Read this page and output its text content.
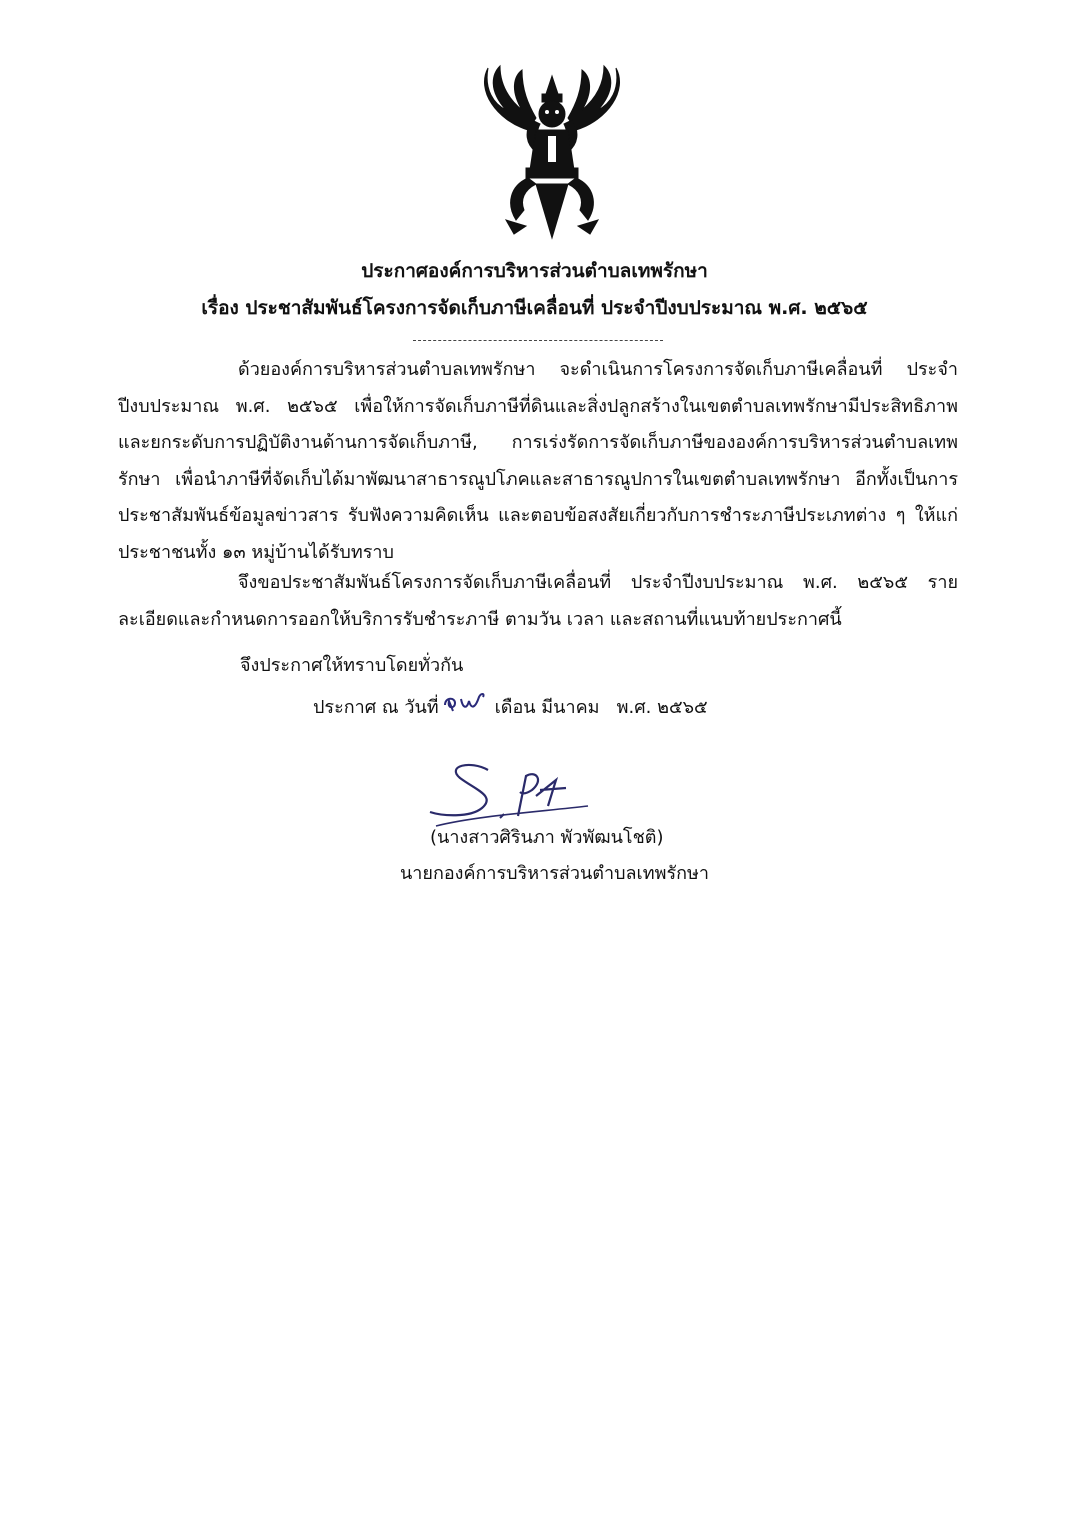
ประกาศองค์การบริหารส่วนตำบลเทพรักษา
เรื่อง ประชาสัมพันธ์โครงการจัดเก็บภาษีเคลื่อนที่ ประจำปีงบประมาณ พ.ศ. ๒๕๖๕
ด้วยองค์การบริหารส่วนตำบลเทพรักษา จะดำเนินการโครงการจัดเก็บภาษีเคลื่อนที่ ประจำปีงบประมาณ พ.ศ. ๒๕๖๕ เพื่อให้การจัดเก็บภาษีที่ดินและสิ่งปลูกสร้างในเขตตำบลเทพรักษามีประสิทธิภาพ และยกระดับการปฏิบัติงานด้านการจัดเก็บภาษี, การเร่งรัดการจัดเก็บภาษีขององค์การบริหารส่วนตำบลเทพรักษา เพื่อนำภาษีที่จัดเก็บได้มาพัฒนาสาธารณูปโภคและสาธารณูปการในเขตตำบลเทพรักษา อีกทั้งเป็นการประชาสัมพันธ์ข้อมูลข่าวสาร รับฟังความคิดเห็น และตอบข้อสงสัยเกี่ยวกับการชำระภาษีประเภทต่าง ๆ ให้แก่ประชาชนทั้ง ๑๓ หมู่บ้านได้รับทราบ
จึงขอประชาสัมพันธ์โครงการจัดเก็บภาษีเคลื่อนที่ ประจำปีงบประมาณ พ.ศ. ๒๕๖๕ รายละเอียดและกำหนดการออกให้บริการรับชำระภาษี ตามวัน เวลา และสถานที่แนบท้ายประกาศนี้
จึงประกาศให้ทราบโดยทั่วกัน
ประกาศ ณ วันที่	เดือน มีนาคม พ.ศ. ๒๕๖๕
(นางสาวศิรินภา พัวพัฒนโชติ)
นายกองค์การบริหารส่วนตำบลเทพรักษา
